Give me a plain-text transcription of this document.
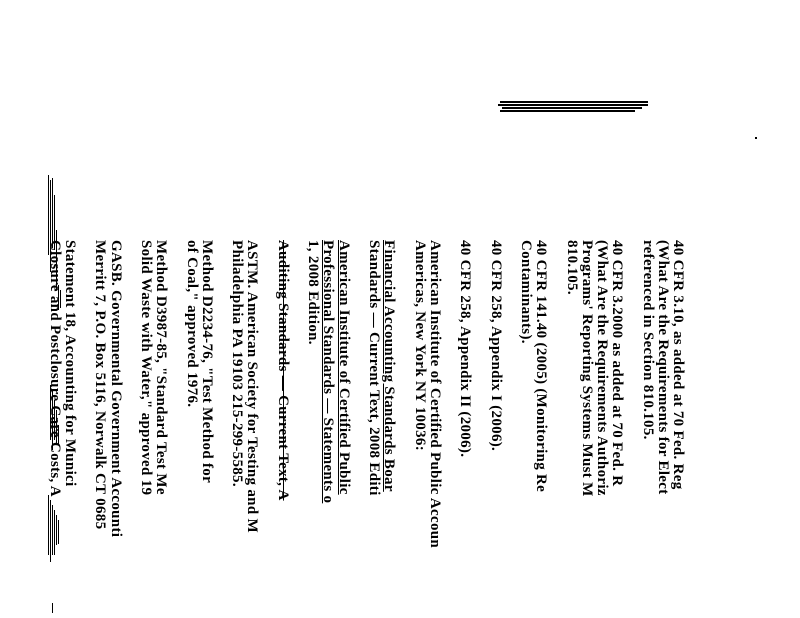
40 CFR 3.10, as added at 70 Fed. Reg
(What Are the Requirements for Elect
referenced in Section 810.105.
40 CFR 3.2000 as added at 70 Fed. R
(What Are the Requirements Authoriz
Programs' Reporting Systems Must M
810.105.
40 CFR 141.40 (2005) (Monitoring Re
Contaminants).
40 CFR 258, Appendix I (2006).
40 CFR 258, Appendix II (2006).
American Institute of Certified Public Accoun
Americas, New York NY 10036:
Financial Accounting Standards Boar
Standards — Current Text, 2008 Editi
American Institute of Certified Public
Professional Standards — Statements o
1, 2008 Edition.
Auditing Standards — Current Text, A
ASTM. American Society for Testing and M
Philadelphia PA 19103 215-299-5585.
Method D2234-76, "Test Method for
of Coal," approved 1976.
Method D3987-85, "Standard Test Me
Solid Waste with Water," approved 19
GASB. Governmental Government Accounti
Merritt 7, P.O. Box 5116, Norwalk CT 0685
Statement 18, Accounting for Munici
Closure and Postclosure Care Costs, A
